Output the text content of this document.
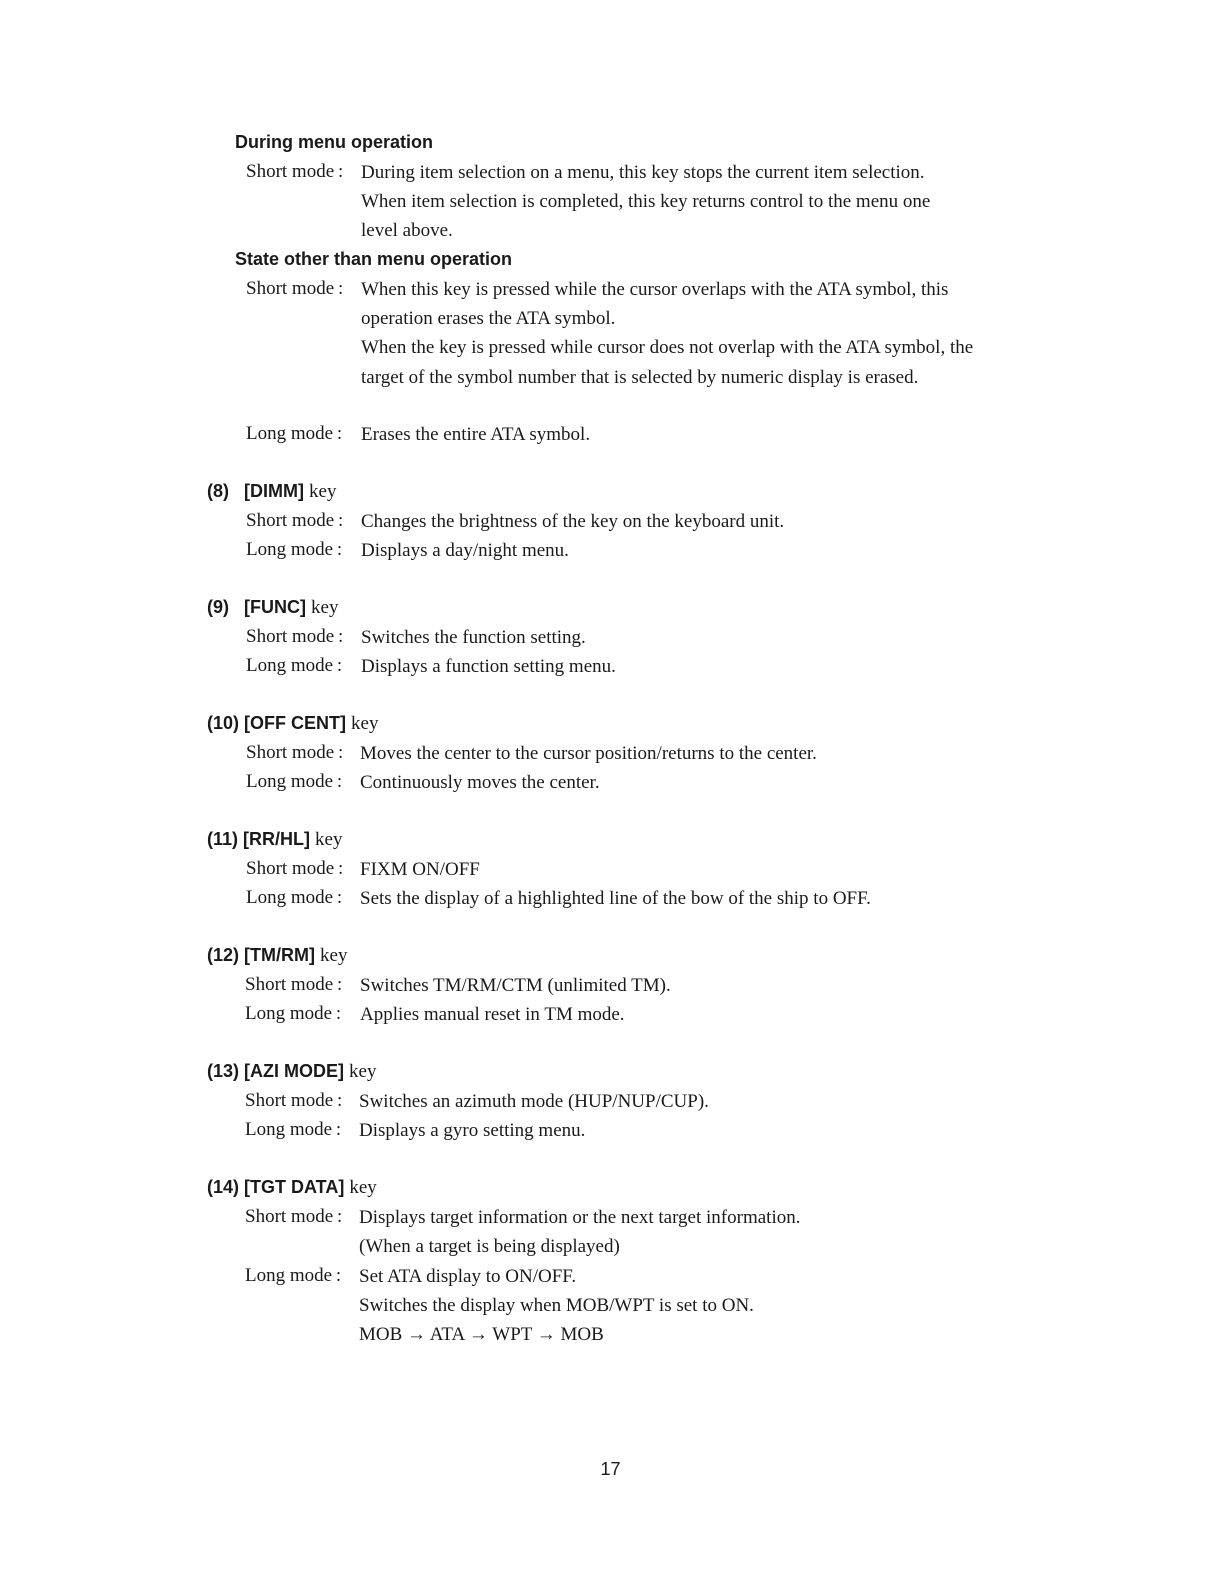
During menu operation
Short mode : During item selection on a menu, this key stops the current item selection.
When item selection is completed, this key returns control to the menu one
level above.
State other than menu operation
Short mode : When this key is pressed while the cursor overlaps with the ATA symbol, this
operation erases the ATA symbol.
When the key is pressed while cursor does not overlap with the ATA symbol, the
target of the symbol number that is selected by numeric display is erased.
Long mode : Erases the entire ATA symbol.
(8) [DIMM] key
Short mode : Changes the brightness of the key on the keyboard unit.
Long mode : Displays a day/night menu.
(9) [FUNC] key
Short mode : Switches the function setting.
Long mode : Displays a function setting menu.
(10) [OFF CENT] key
Short mode : Moves the center to the cursor position/returns to the center.
Long mode : Continuously moves the center.
(11) [RR/HL] key
Short mode : FIXM ON/OFF
Long mode : Sets the display of a highlighted line of the bow of the ship to OFF.
(12) [TM/RM] key
Short mode : Switches TM/RM/CTM (unlimited TM).
Long mode : Applies manual reset in TM mode.
(13) [AZI MODE] key
Short mode : Switches an azimuth mode (HUP/NUP/CUP).
Long mode : Displays a gyro setting menu.
(14) [TGT DATA] key
Short mode : Displays target information or the next target information.
(When a target is being displayed)
Long mode : Set ATA display to ON/OFF.
Switches the display when MOB/WPT is set to ON.
MOB → ATA → WPT → MOB
17
